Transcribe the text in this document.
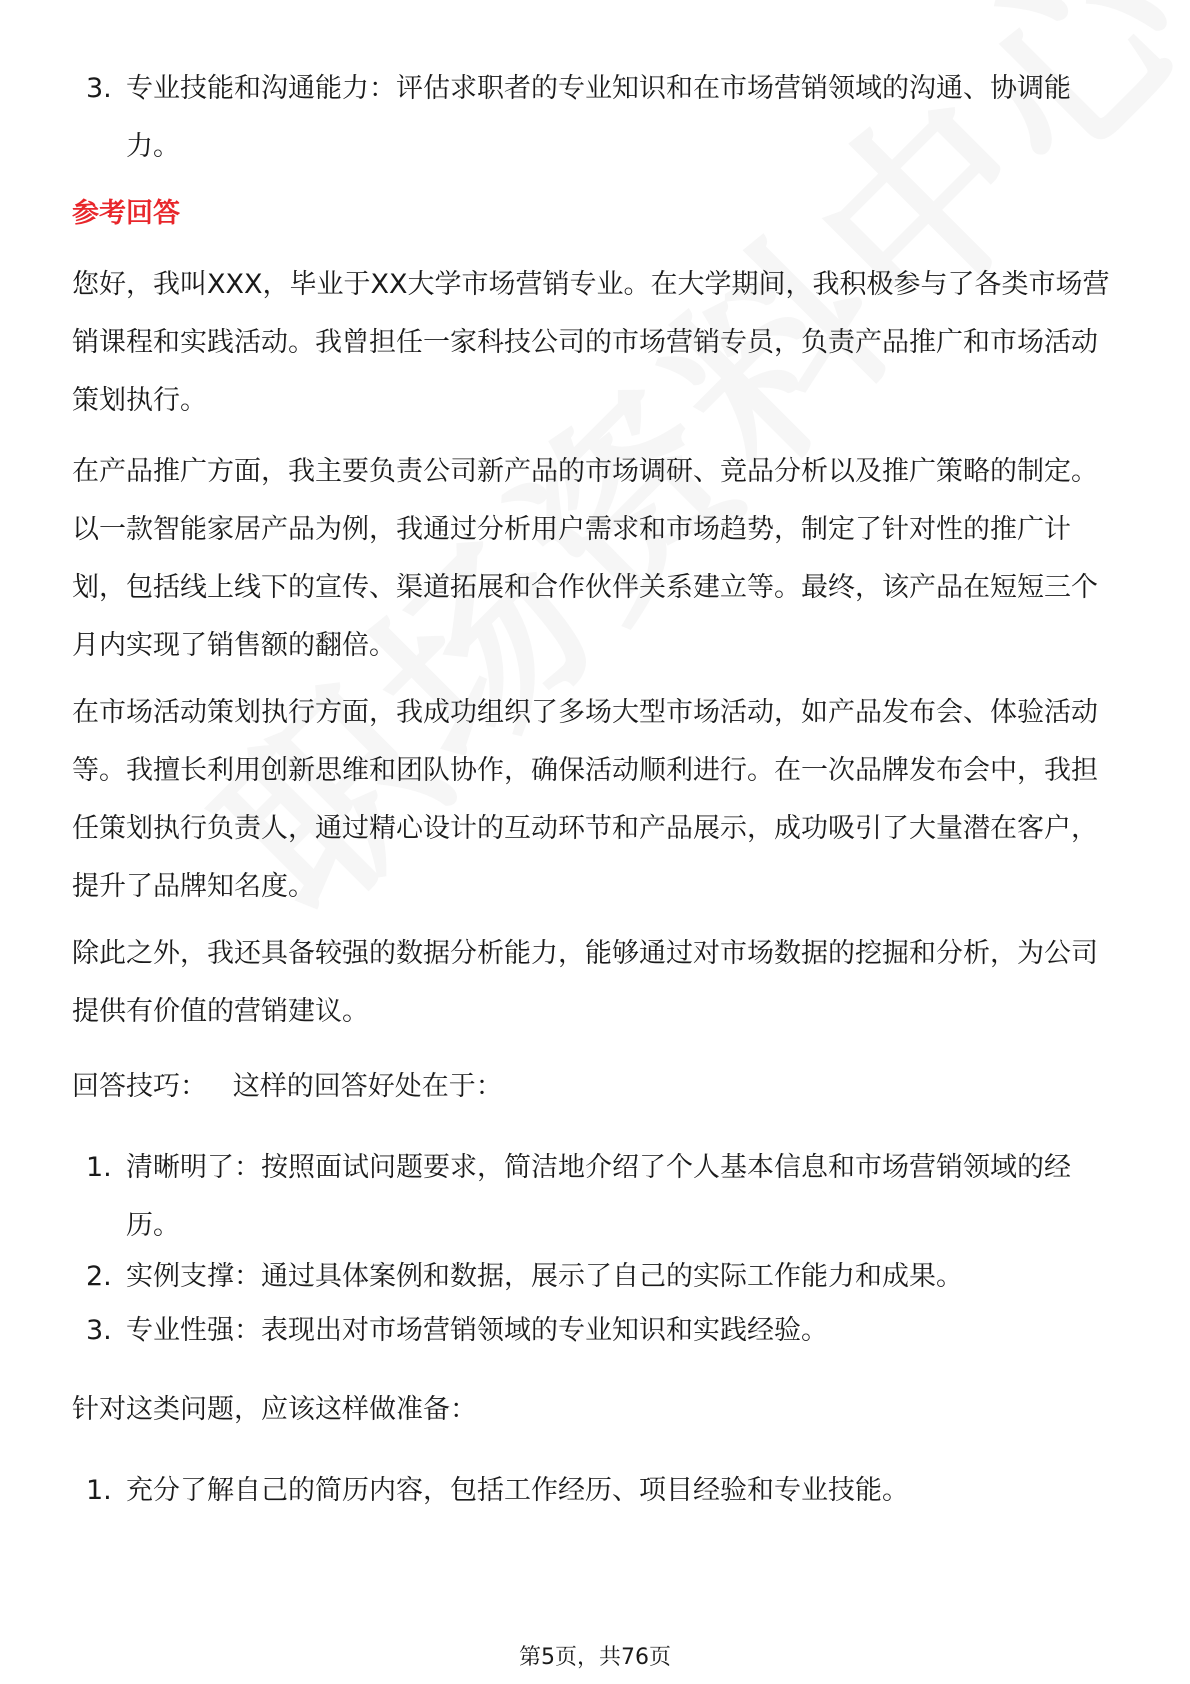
3. 专业技能和沟通能力：评估求职者的专业知识和在市场营销领域的沟通、协调能力。
参考回答
您好，我叫XXX，毕业于XX大学市场营销专业。在大学期间，我积极参与了各类市场营销课程和实践活动。我曾担任一家科技公司的市场营销专员，负责产品推广和市场活动策划执行。
在产品推广方面，我主要负责公司新产品的市场调研、竞品分析以及推广策略的制定。以一款智能家居产品为例，我通过分析用户需求和市场趋势，制定了针对性的推广计划，包括线上线下的宣传、渠道拓展和合作伙伴关系建立等。最终，该产品在短短三个月内实现了销售额的翻倍。
在市场活动策划执行方面，我成功组织了多场大型市场活动，如产品发布会、体验活动等。我擅长利用创新思维和团队协作，确保活动顺利进行。在一次品牌发布会中，我担任策划执行负责人，通过精心设计的互动环节和产品展示，成功吸引了大量潜在客户，提升了品牌知名度。
除此之外，我还具备较强的数据分析能力，能够通过对市场数据的挖掘和分析，为公司提供有价值的营销建议。
回答技巧：   这样的回答好处在于：
1. 清晰明了：按照面试问题要求，简洁地介绍了个人基本信息和市场营销领域的经历。
2. 实例支撑：通过具体案例和数据，展示了自己的实际工作能力和成果。
3. 专业性强：表现出对市场营销领域的专业知识和实践经验。
针对这类问题，应该这样做准备：
1. 充分了解自己的简历内容，包括工作经历、项目经验和专业技能。
第5页，共76页
